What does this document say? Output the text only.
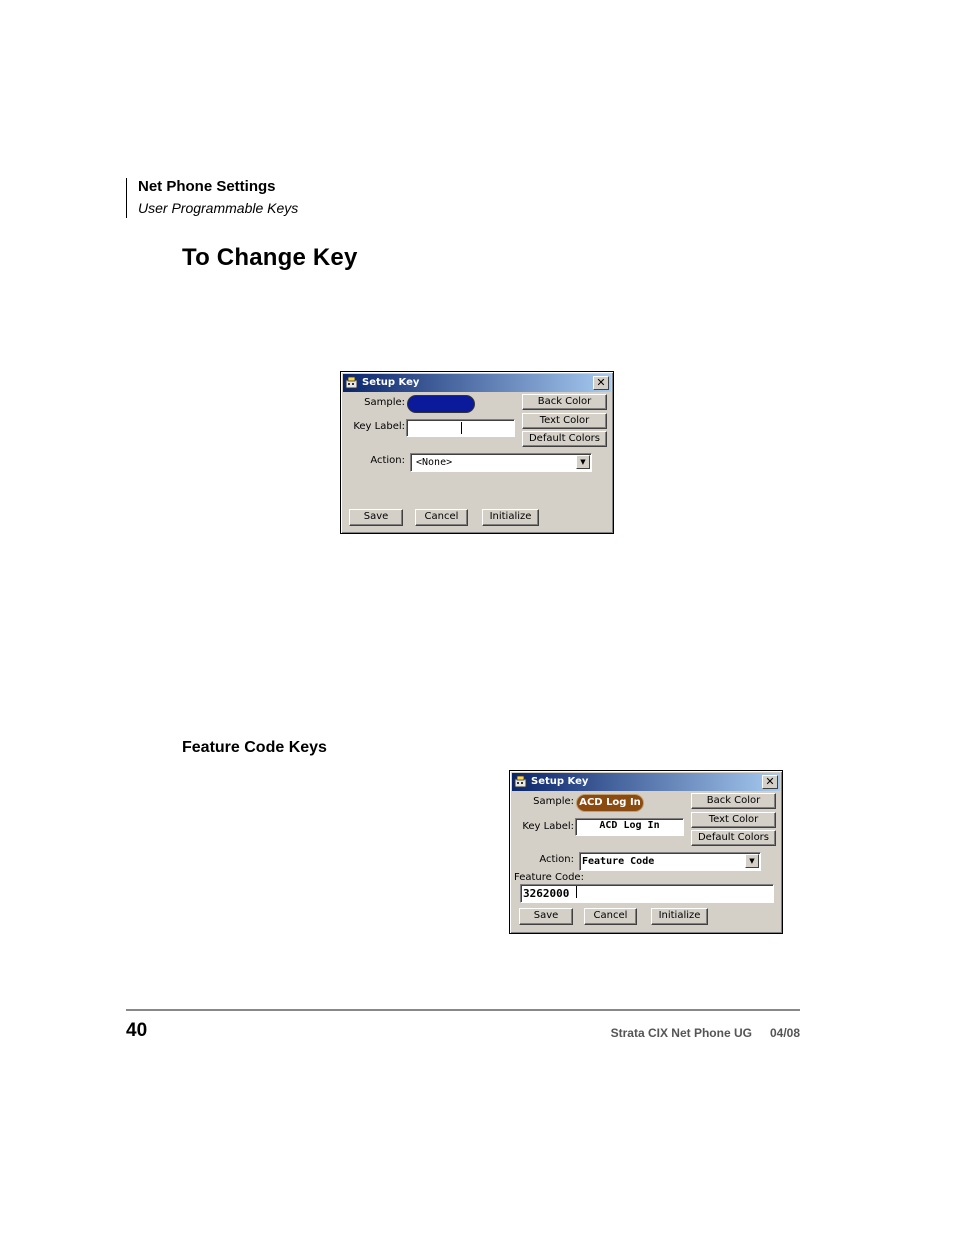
Net Phone Settings
User Programmable Keys
To Change Key
Setup Key	✕
Sample:
Key Label:
Back Color
Text Color
Default Colors
Action: <None>	▼
Save	Cancel	Initialize
Feature Code Keys
Setup Key	✕
Sample: ACD Log In
Key Label:	ACD Log In
Back Color
Text Color
Default Colors
Action: Feature Code	▼
Feature Code:
3262000
Save	Cancel	Initialize
40	Strata CIX Net Phone UG 04/08
